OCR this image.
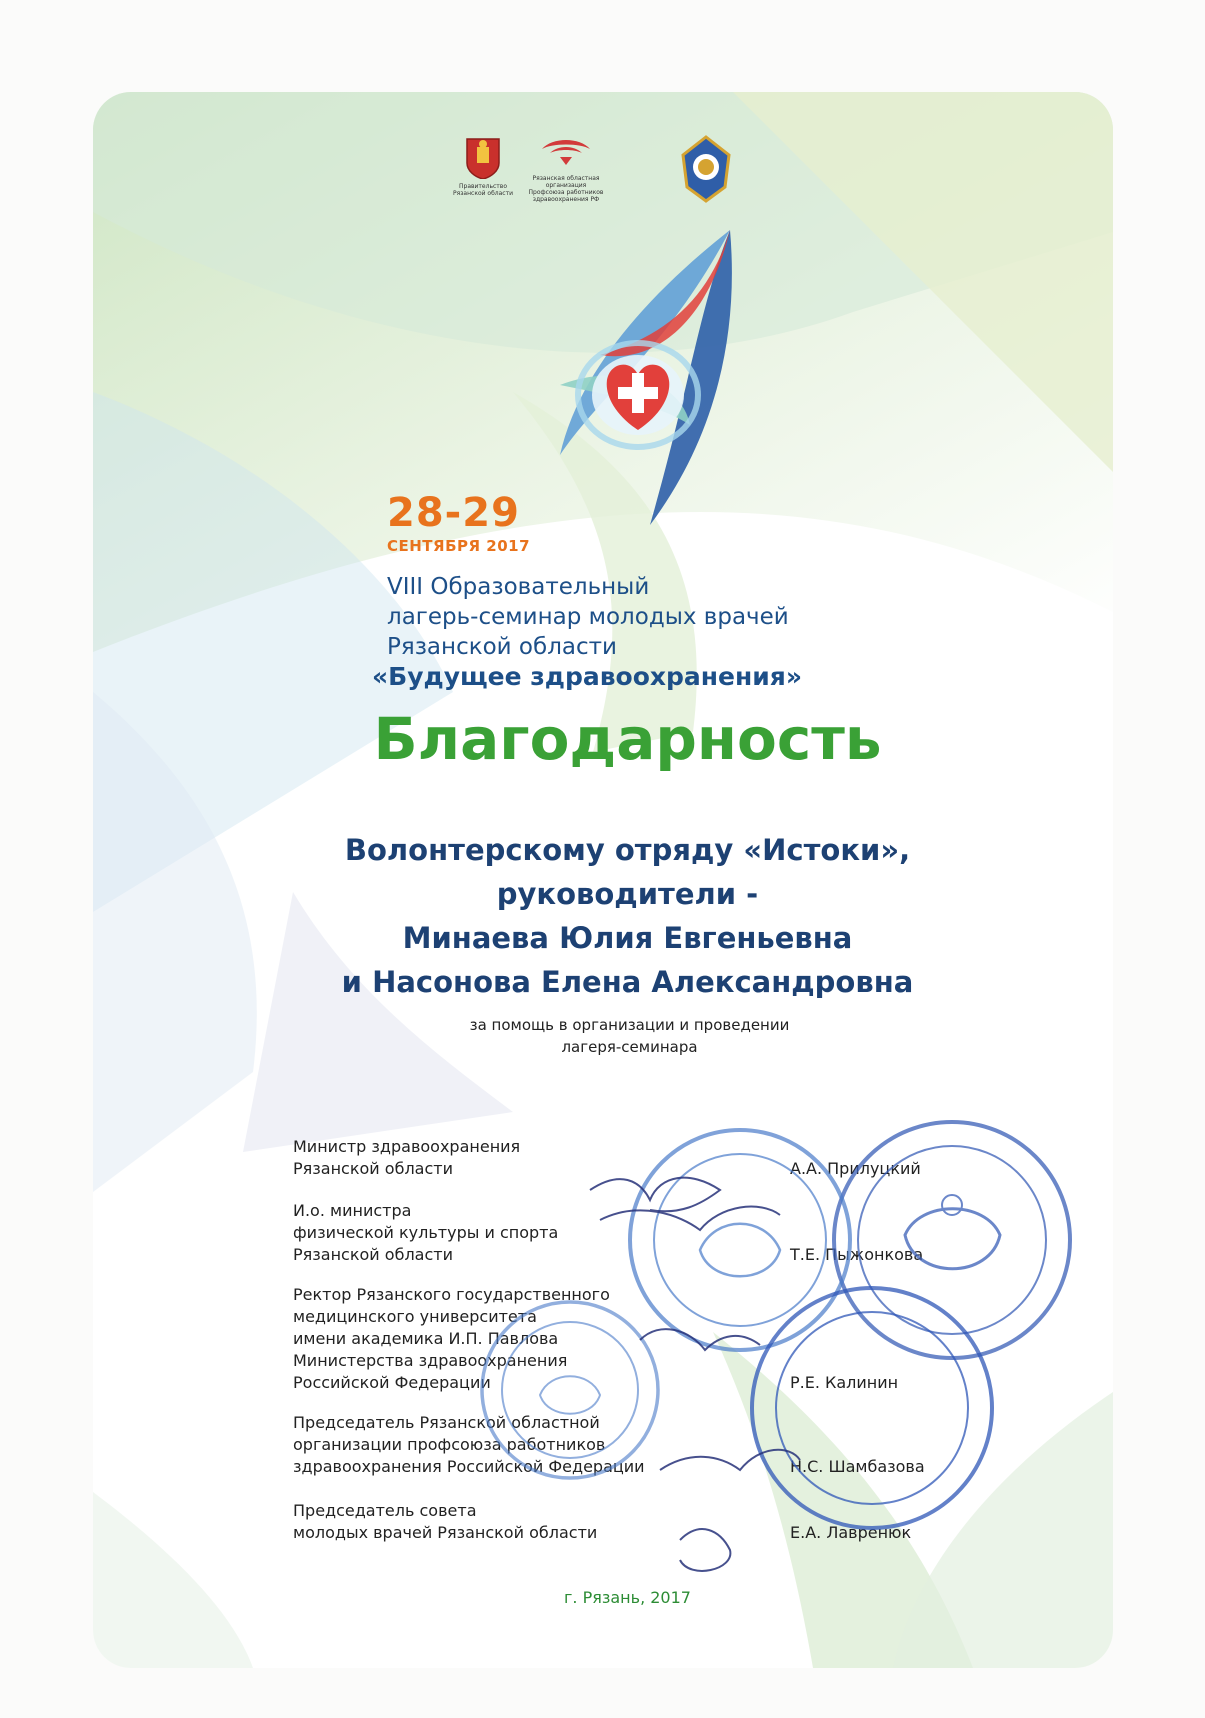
Правительство
Рязанской области
Рязанская областная организация
Профсоюза работников
здравоохранения РФ
28-29
СЕНТЯБРЯ 2017
VIII Образовательный
лагерь-семинар молодых врачей
Рязанской области
«Будущее здравоохранения»
Благодарность
Волонтерскому отряду «Истоки»,
руководители -
Минаева Юлия Евгеньевна
и Насонова Елена Александровна
за помощь в организации и проведении
лагеря-семинара
Министр здравоохранения
Рязанской области	А.А. Прилуцкий
И.о. министра
физической культуры и спорта
Рязанской области	Т.Е. Пыжонкова
Ректор Рязанского государственного
медицинского университета
имени академика И.П. Павлова
Министерства здравоохранения
Российской Федерации	Р.Е. Калинин
Председатель Рязанской областной
организации профсоюза работников
здравоохранения Российской Федерации	Н.С. Шамбазова
Председатель совета
молодых врачей Рязанской области	Е.А. Лавренюк
г. Рязань, 2017
